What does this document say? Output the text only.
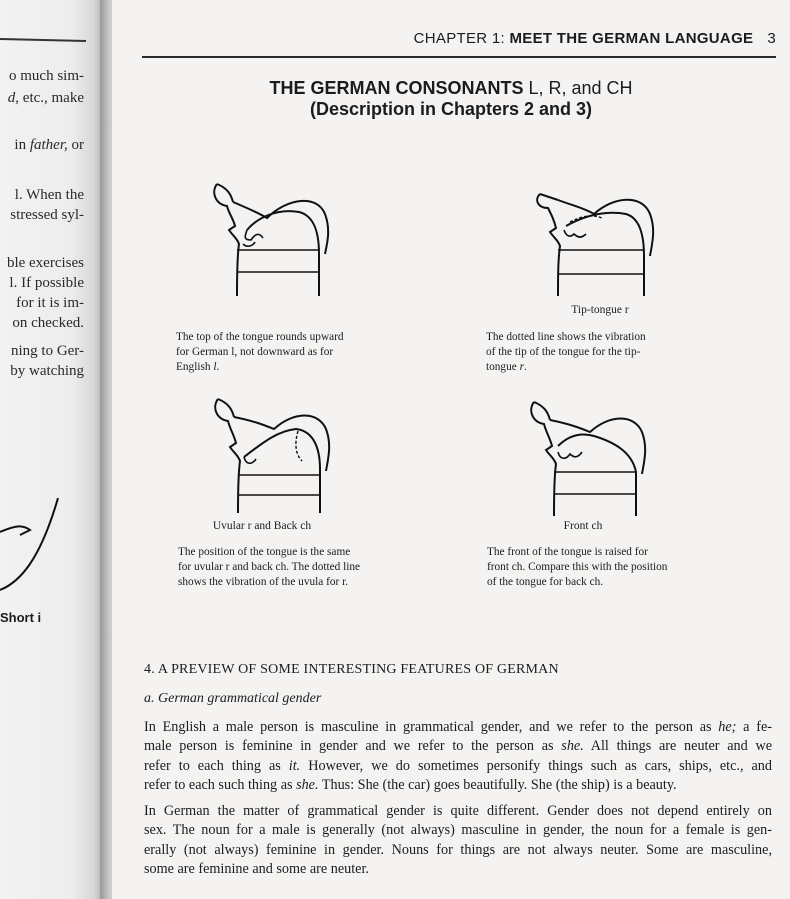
o much sim-
d, etc., make
in father, or
l. When the
stressed syl-
ble exercises
l. If possible
for it is im-
on checked.
ning to Ger-
by watching
Short i
CHAPTER 1: MEET THE GERMAN LANGUAGE 3
THE GERMAN CONSONANTS L, R, and CH
(Description in Chapters 2 and 3)
The top of the tongue rounds upward
for German l, not downward as for
English l.
Tip-tongue r
The dotted line shows the vibration
of the tip of the tongue for the tip-
tongue r.
Uvular r and Back ch
The position of the tongue is the same
for uvular r and back ch. The dotted line
shows the vibration of the uvula for r.
Front ch
The front of the tongue is raised for
front ch. Compare this with the position
of the tongue for back ch.
4. A PREVIEW OF SOME INTERESTING FEATURES OF GERMAN
a. German grammatical gender
In English a male person is masculine in grammatical gender, and we refer to the person as he; a fe-
male person is feminine in gender and we refer to the person as she. All things are neuter and we
refer to each thing as it. However, we do sometimes personify things such as cars, ships, etc., and
refer to each such thing as she. Thus: She (the car) goes beautifully. She (the ship) is a beauty.
In German the matter of grammatical gender is quite different. Gender does not depend entirely on
sex. The noun for a male is generally (not always) masculine in gender, the noun for a female is gen-
erally (not always) feminine in gender. Nouns for things are not always neuter. Some are masculine,
some are feminine and some are neuter.
